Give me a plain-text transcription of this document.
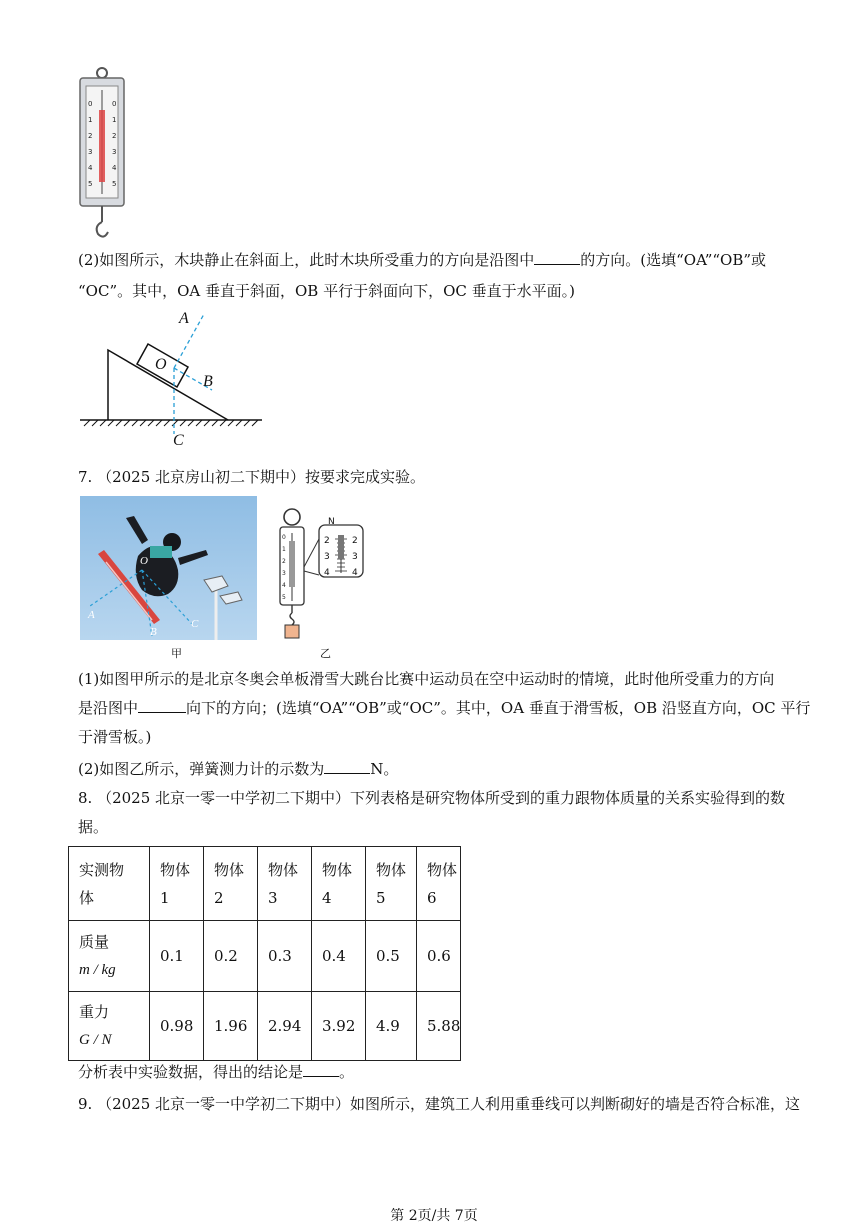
0	0
1	1
2	2
3	3
4	4
5	5
(2)如图所示，木块静止在斜面上，此时木块所受重力的方向是沿图中	的方向。(选填“OA”“OB”或
“OC”。其中，OA 垂直于斜面，OB 平行于斜面向下，OC 垂直于水平面。)
A
O
B
C
7. （2025 北京房山初二下期中）按要求完成实验。
O
A
B
C
甲
0
1
2
3
4
5
2 2
3 3
4 4
N
乙
(1)如图甲所示的是北京冬奥会单板滑雪大跳台比赛中运动员在空中运动时的情境，此时他所受重力的方向
是沿图中	向下的方向；(选填“OA”“OB”或“OC”。其中，OA 垂直于滑雪板，OB 沿竖直方向，OC 平行
于滑雪板。)
(2)如图乙所示，弹簧测力计的示数为	N。
8. （2025 北京一零一中学初二下期中）下列表格是研究物体所受到的重力跟物体质量的关系实验得到的数
据。
实测物
体	物体
1	物体
2	物体
3	物体
4	物体
5	物体
6

质量
m / kg	0.1	0.2	0.3	0.4	0.5	0.6

重力
G / N	0.98	1.96	2.94	3.92	4.9	5.88
分析表中实验数据，得出的结论是 。
9. （2025 北京一零一中学初二下期中）如图所示，建筑工人利用重垂线可以判断砌好的墙是否符合标准，这
第 2页/共 7页
